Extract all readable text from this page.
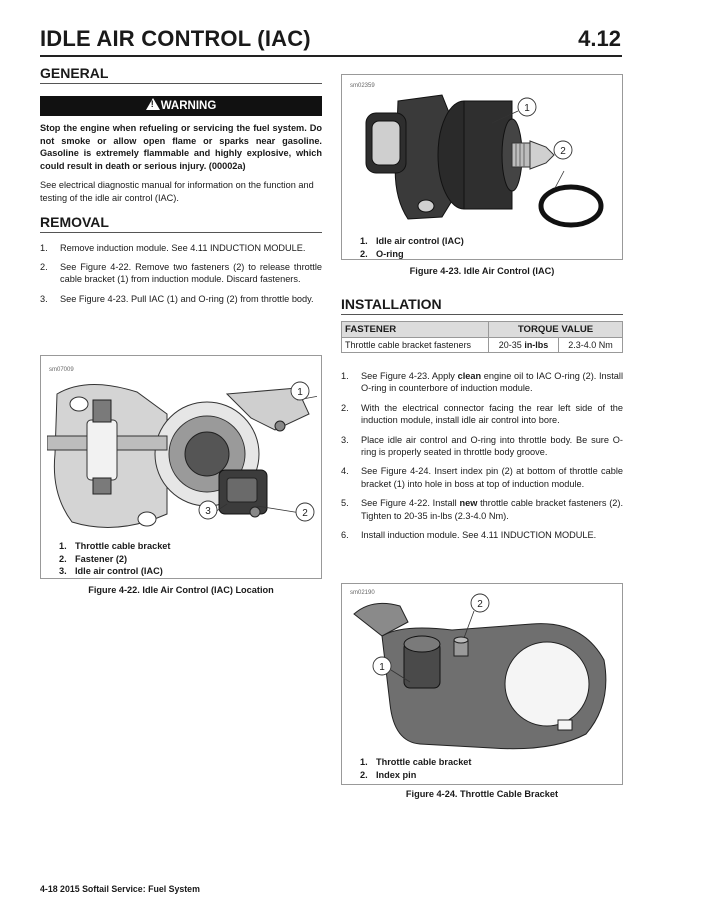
IDLE AIR CONTROL (IAC)	4.12
GENERAL
!WARNING
Stop the engine when refueling or servicing the fuel system. Do not smoke or allow open flame or sparks near gasoline. Gasoline is extremely flammable and highly explosive, which could result in death or serious injury. (00002a)
See electrical diagnostic manual for information on the function and testing of the idle air control (IAC).
REMOVAL
1.	Remove induction module. See 4.11 INDUCTION MODULE.
2.	See Figure 4-22. Remove two fasteners (2) to release throttle cable bracket (1) from induction module. Discard fasteners.
3.	See Figure 4-23. Pull IAC (1) and O-ring (2) from throttle body.
sm07009
1
2
3
1. Throttle cable bracket
2. Fastener (2)
3. Idle air control (IAC)
Figure 4-22. Idle Air Control (IAC) Location
sm02359
1
2
1. Idle air control (IAC)
2. O-ring
Figure 4-23. Idle Air Control (IAC)
INSTALLATION
FASTENER	TORQUE VALUE	
Throttle cable bracket fasteners	20-35 in-lbs	2.3-4.0 Nm
1.	See Figure 4-23. Apply clean engine oil to IAC O-ring (2). Install O-ring in counterbore of induction module.
2.	With the electrical connector facing the rear left side of the induction module, install idle air control into bore.
3.	Place idle air control and O-ring into throttle body. Be sure O-ring is properly seated in throttle body groove.
4.	See Figure 4-24. Insert index pin (2) at bottom of throttle cable bracket (1) into hole in boss at top of induction module.
5.	See Figure 4-22. Install new throttle cable bracket fasteners (2). Tighten to 20-35 in-lbs (2.3-4.0 Nm).
6.	Install induction module. See 4.11 INDUCTION MODULE.
sm02190
1
2
1. Throttle cable bracket
2. Index pin
Figure 4-24. Throttle Cable Bracket
4-18 2015 Softail Service: Fuel System
